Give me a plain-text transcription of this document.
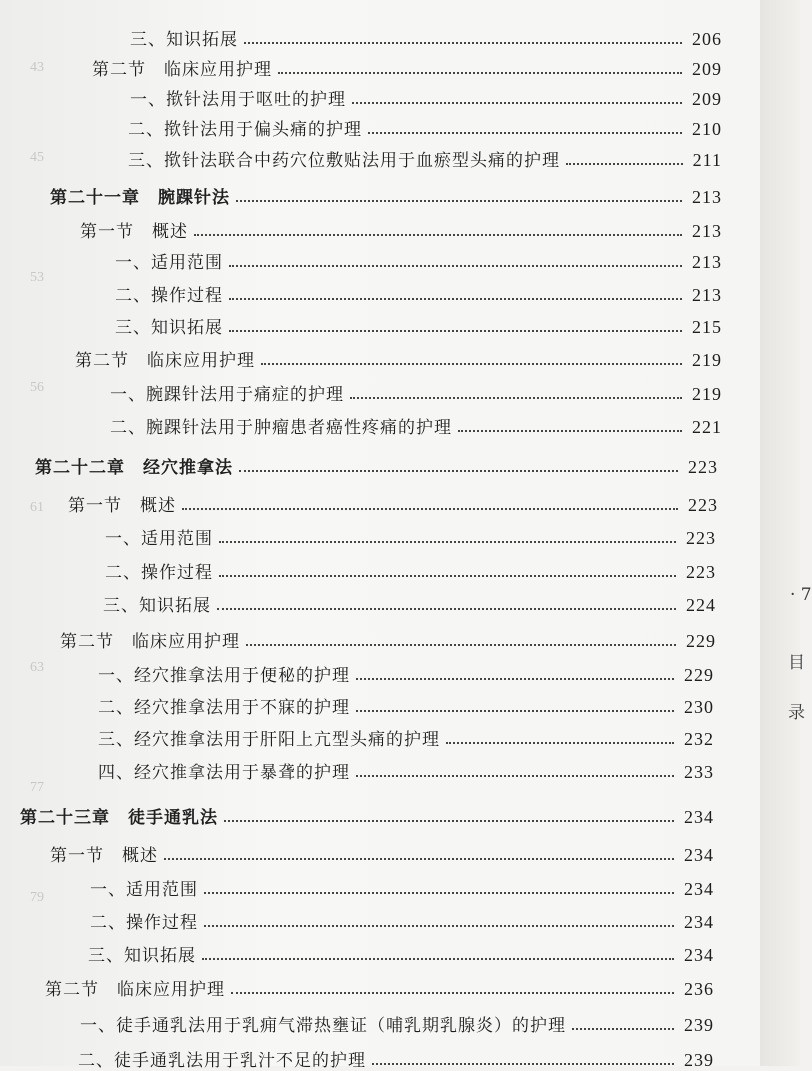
43
45
53
56
61
63
77
79
三、知识拓展	206
第二节　临床应用护理	209
一、揿针法用于呕吐的护理	209
二、揿针法用于偏头痛的护理	210
三、揿针法联合中药穴位敷贴法用于血瘀型头痛的护理	211
第二十一章　腕踝针法	213
第一节　概述	213
一、适用范围	213
二、操作过程	213
三、知识拓展	215
第二节　临床应用护理	219
一、腕踝针法用于痛症的护理	219
二、腕踝针法用于肿瘤患者癌性疼痛的护理	221
第二十二章　经穴推拿法	223
第一节　概述	223
一、适用范围	223
二、操作过程	223
三、知识拓展	224
第二节　临床应用护理	229
一、经穴推拿法用于便秘的护理	229
二、经穴推拿法用于不寐的护理	230
三、经穴推拿法用于肝阳上亢型头痛的护理	232
四、经穴推拿法用于暴聋的护理	233
第二十三章　徒手通乳法	234
第一节　概述	234
一、适用范围	234
二、操作过程	234
三、知识拓展	234
第二节　临床应用护理	236
一、徒手通乳法用于乳痈气滞热壅证（哺乳期乳腺炎）的护理	239
二、徒手通乳法用于乳汁不足的护理	239
· 7
目
录
